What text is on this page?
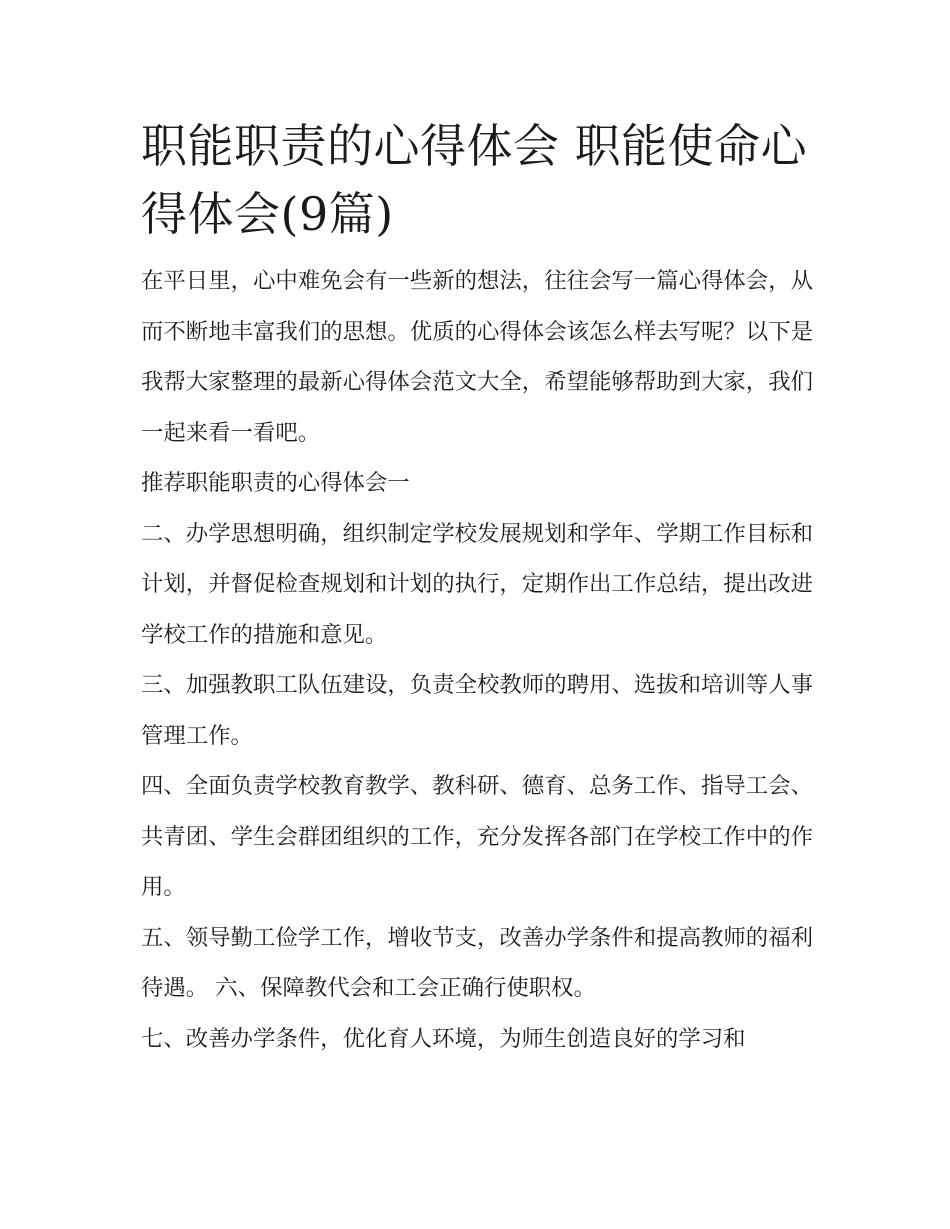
职能职责的心得体会 职能使命心得体会(9篇)

在平日里，心中难免会有一些新的想法，往往会写一篇心得体会，从而不断地丰富我们的思想。优质的心得体会该怎么样去写呢？以下是我帮大家整理的最新心得体会范文大全，希望能够帮助到大家，我们一起来看一看吧。

推荐职能职责的心得体会一

二、办学思想明确，组织制定学校发展规划和学年、学期工作目标和计划，并督促检查规划和计划的执行，定期作出工作总结，提出改进学校工作的措施和意见。

三、加强教职工队伍建设，负责全校教师的聘用、选拔和培训等人事管理工作。

四、全面负责学校教育教学、教科研、德育、总务工作、指导工会、共青团、学生会群团组织的工作，充分发挥各部门在学校工作中的作用。

五、领导勤工俭学工作，增收节支，改善办学条件和提高教师的福利待遇。 六、保障教代会和工会正确行使职权。

七、改善办学条件，优化育人环境，为师生创造良好的学习和
